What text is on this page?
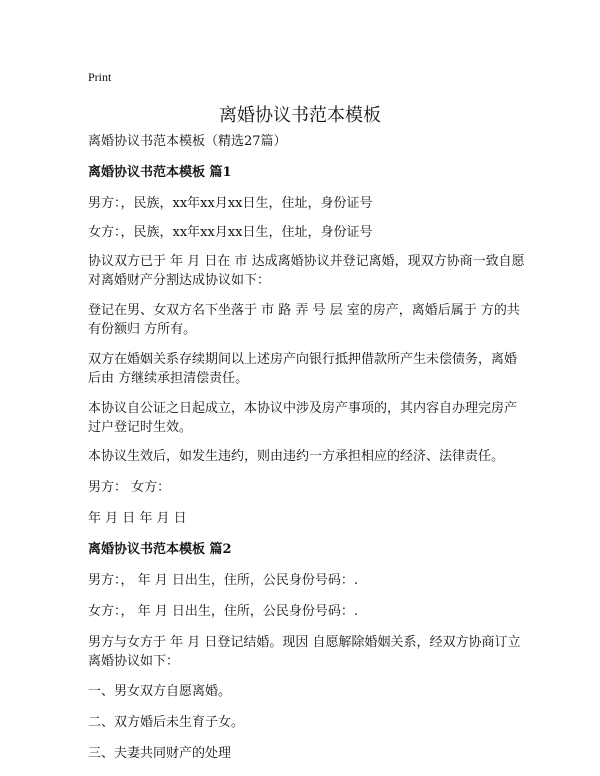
Print
离婚协议书范本模板

离婚协议书范本模板（精选27篇）

离婚协议书范本模板 篇1

男方：，民族，xx年xx月xx日生，住址，身份证号

女方：，民族，xx年xx月xx日生，住址，身份证号

协议双方已于 年 月 日在 市 达成离婚协议并登记离婚，现双方协商一致自愿对离婚财产分割达成协议如下：

登记在男、女双方名下坐落于 市 路 弄 号 层 室的房产，离婚后属于 方的共有份额归 方所有。

双方在婚姻关系存续期间以上述房产向银行抵押借款所产生未偿债务，离婚后由 方继续承担清偿责任。

本协议自公证之日起成立，本协议中涉及房产事项的，其内容自办理完房产过户登记时生效。

本协议生效后，如发生违约，则由违约一方承担相应的经济、法律责任。

男方： 女方：

年 月 日 年 月 日

离婚协议书范本模板 篇2

男方：， 年 月 日出生，住所，公民身份号码：.

女方：， 年 月 日出生，住所，公民身份号码：.

男方与女方于 年 月 日登记结婚。现因 自愿解除婚姻关系，经双方协商订立离婚协议如下：

一、男女双方自愿离婚。

二、双方婚后未生育子女。

三、夫妻共同财产的处理
